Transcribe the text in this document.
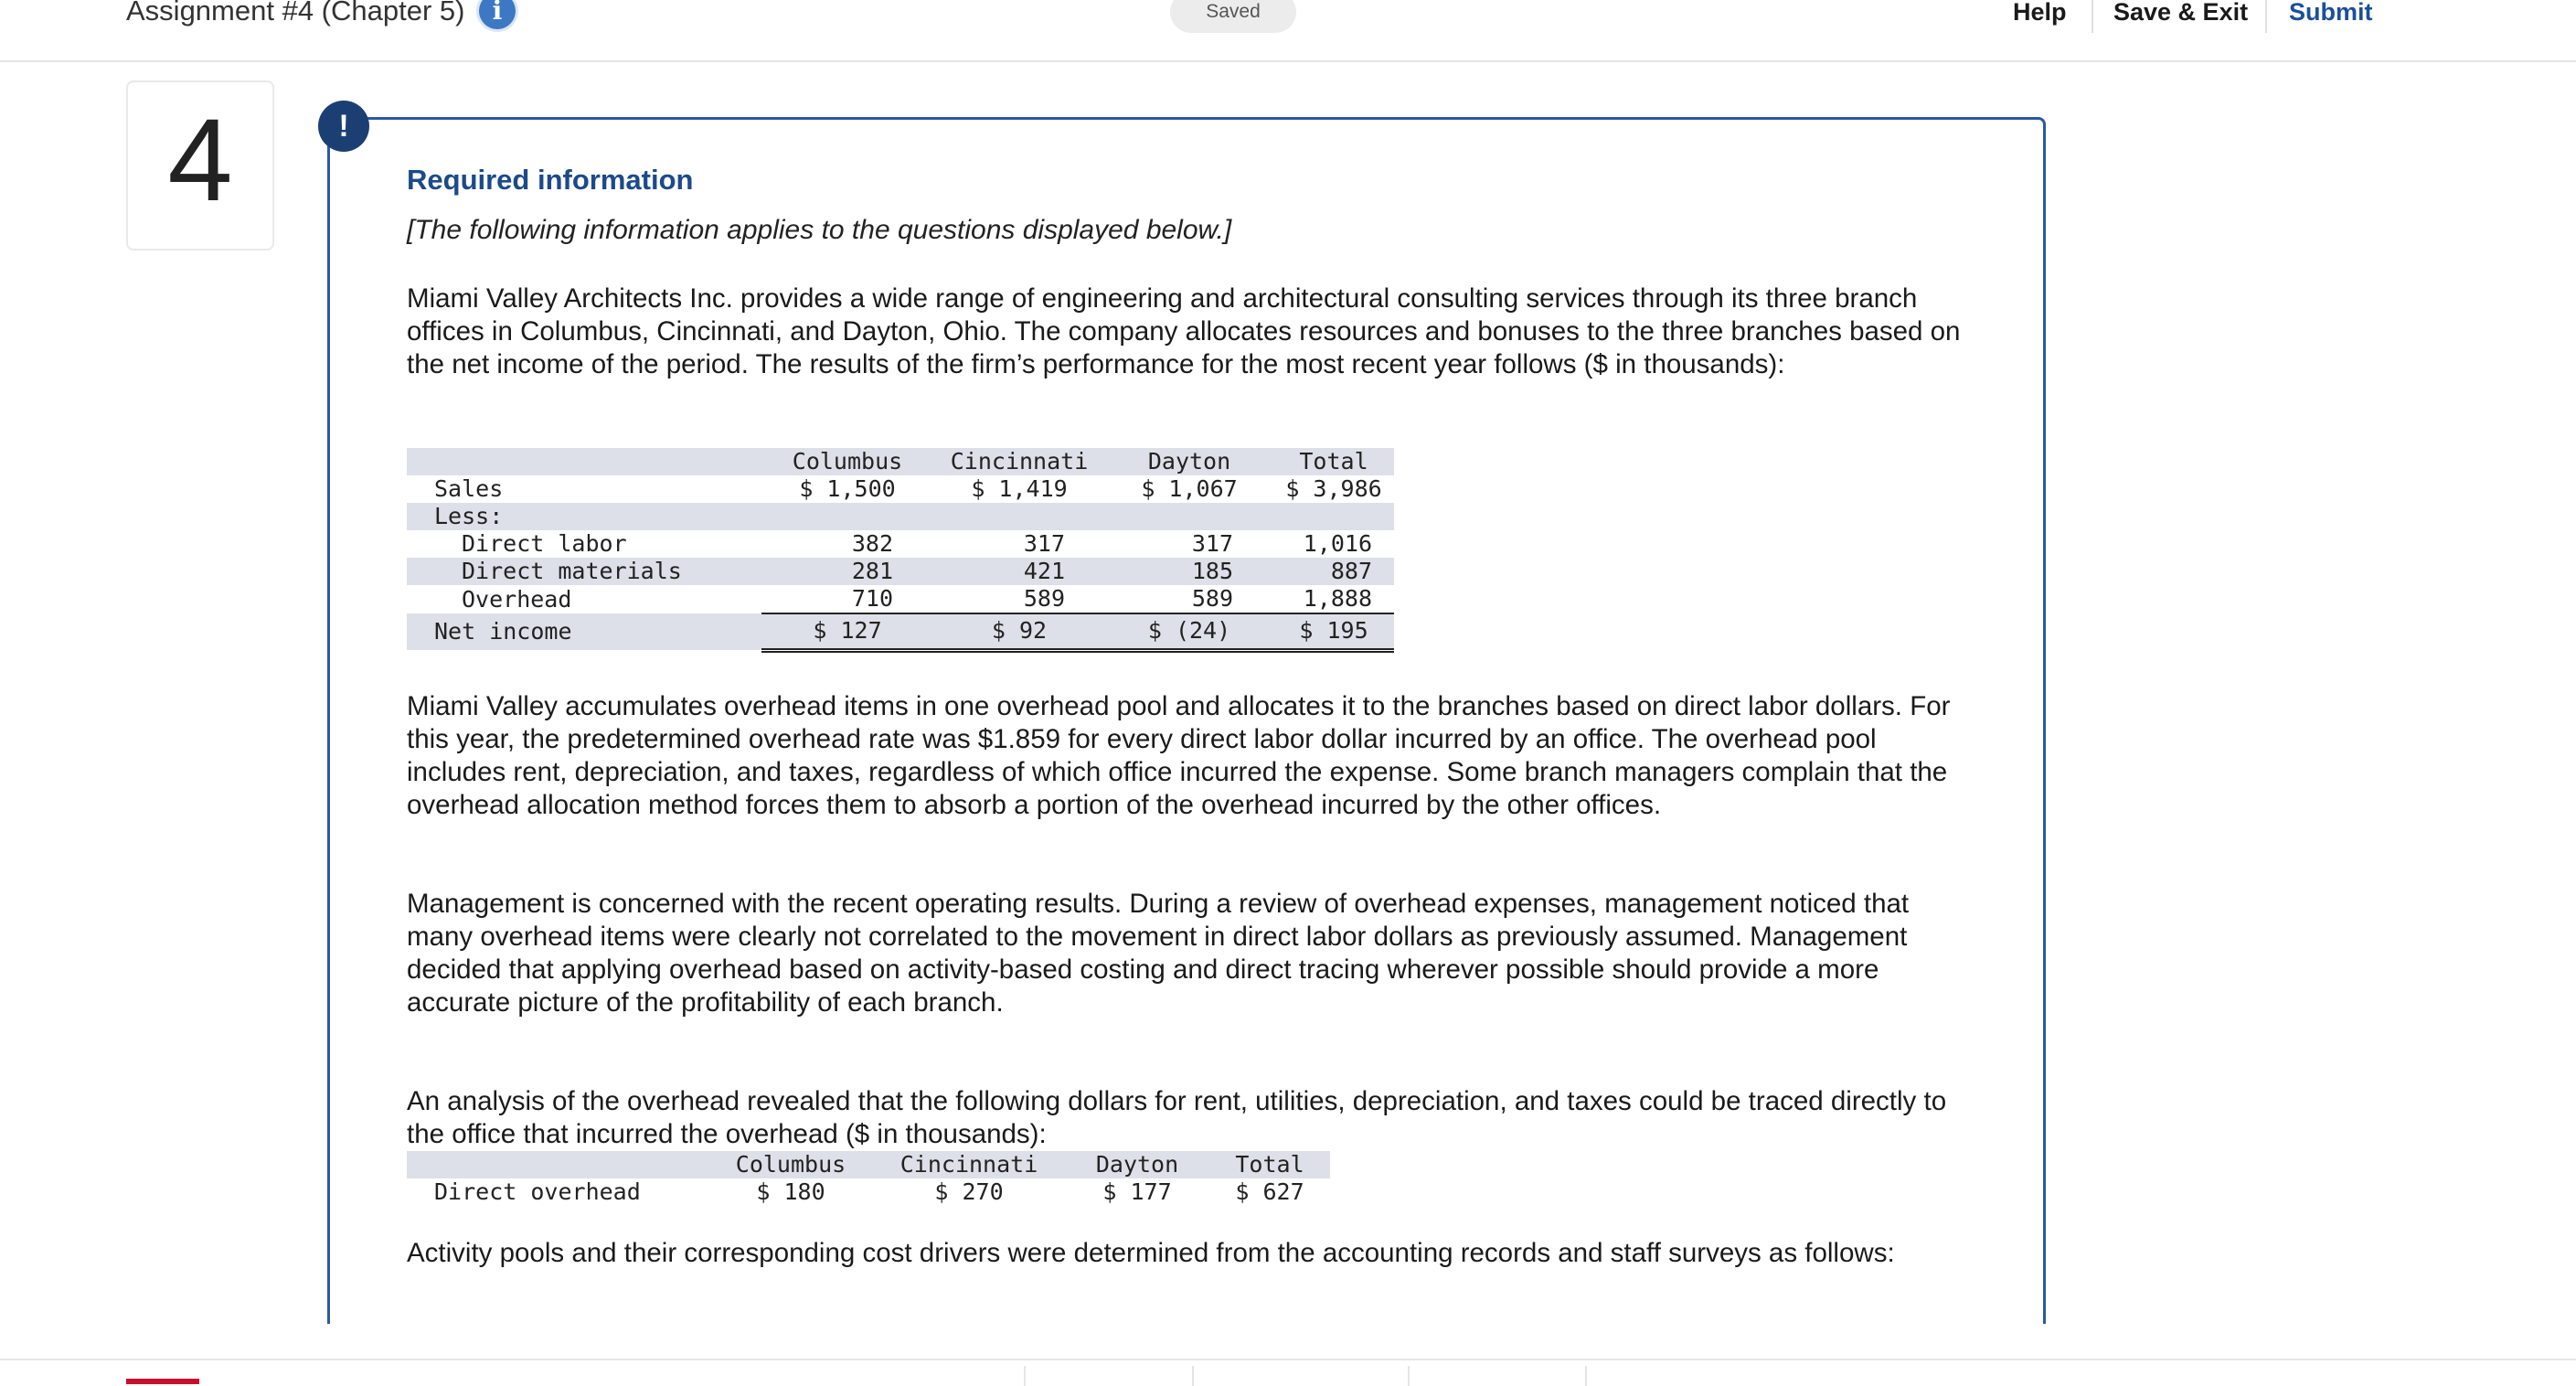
Assignment #4 (Chapter 5)	i	Saved	Help Save & Exit Submit
4	!
Required information
[The following information applies to the questions displayed below.]

Miami Valley Architects Inc. provides a wide range of engineering and architectural consulting services through its three branch offices in Columbus, Cincinnati, and Dayton, Ohio. The company allocates resources and bonuses to the three branches based on the net income of the period. The results of the firm’s performance for the most recent year follows ($ in thousands):

	Columbus	Cincinnati	Dayton	Total
Sales	$ 1,500	$ 1,419	$ 1,067	$ 3,986
Less:				
Direct labor	382	317	317	1,016
Direct materials	281	421	185	887
Overhead	710	589	589	1,888
Net income	$ 127	$ 92	$ (24)	$ 195

Miami Valley accumulates overhead items in one overhead pool and allocates it to the branches based on direct labor dollars. For this year, the predetermined overhead rate was $1.859 for every direct labor dollar incurred by an office. The overhead pool includes rent, depreciation, and taxes, regardless of which office incurred the expense. Some branch managers complain that the overhead allocation method forces them to absorb a portion of the overhead incurred by the other offices.

Management is concerned with the recent operating results. During a review of overhead expenses, management noticed that many overhead items were clearly not correlated to the movement in direct labor dollars as previously assumed. Management decided that applying overhead based on activity-based costing and direct tracing wherever possible should provide a more accurate picture of the profitability of each branch.

An analysis of the overhead revealed that the following dollars for rent, utilities, depreciation, and taxes could be traced directly to the office that incurred the overhead ($ in thousands):

	Columbus	Cincinnati	Dayton	Total
Direct overhead	$ 180	$ 270	$ 177	$ 627

Activity pools and their corresponding cost drivers were determined from the accounting records and staff surveys as follows:
